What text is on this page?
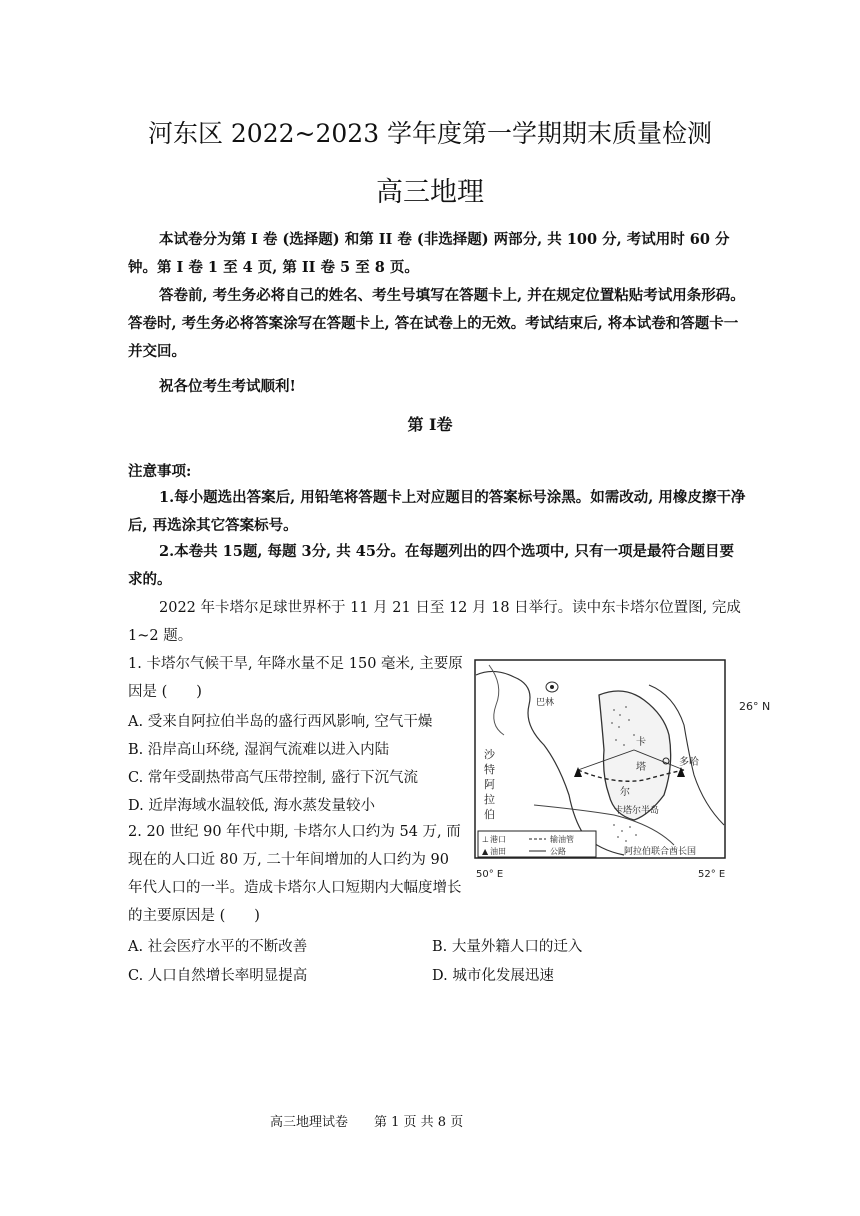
河东区 2022~2023 学年度第一学期期末质量检测
高三地理
本试卷分为第 I 卷 (选择题) 和第 II 卷 (非选择题) 两部分, 共 100 分, 考试用时 60 分钟。第 I 卷 1 至 4 页, 第 II 卷 5 至 8 页。
答卷前, 考生务必将自己的姓名、考生号填写在答题卡上, 并在规定位置粘贴考试用条形码。答卷时, 考生务必将答案涂写在答题卡上, 答在试卷上的无效。考试结束后, 将本试卷和答题卡一并交回。
祝各位考生考试顺利!
第 I卷
注意事项:
1.每小题选出答案后, 用铅笔将答题卡上对应题目的答案标号涂黑。如需改动, 用橡皮擦干净后, 再选涂其它答案标号。
2.本卷共 15题, 每题 3分, 共 45分。在每题列出的四个选项中, 只有一项是最符合题目要求的。
2022 年卡塔尔足球世界杯于 11 月 21 日至 12 月 18 日举行。读中东卡塔尔位置图, 完成 1~2 题。
1. 卡塔尔气候干旱, 年降水量不足 150 毫米, 主要原因是 (　　)
A. 受来自阿拉伯半岛的盛行西风影响, 空气干燥
B. 沿岸高山环绕, 湿润气流难以进入内陆
C. 常年受副热带高气压带控制, 盛行下沉气流
D. 近岸海域水温较低, 海水蒸发量较小
2. 20 世纪 90 年代中期, 卡塔尔人口约为 54 万, 而现在的人口近 80 万, 二十年间增加的人口约为 90 年代人口的一半。造成卡塔尔人口短期内大幅度增长的主要原因是 (　　)
A. 社会医疗水平的不断改善	B. 大量外籍人口的迁入
C. 人口自然增长率明显提高	D. 城市化发展迅速
26° N
巴林
沙
特
阿
拉
伯
卡
塔
尔
多哈
卡塔尔半岛
⊥ 港口
▲ 油田
输油管
公路	阿拉伯联合酋长国
50° E	52° E
高三地理试卷　　第 1 页 共 8 页
